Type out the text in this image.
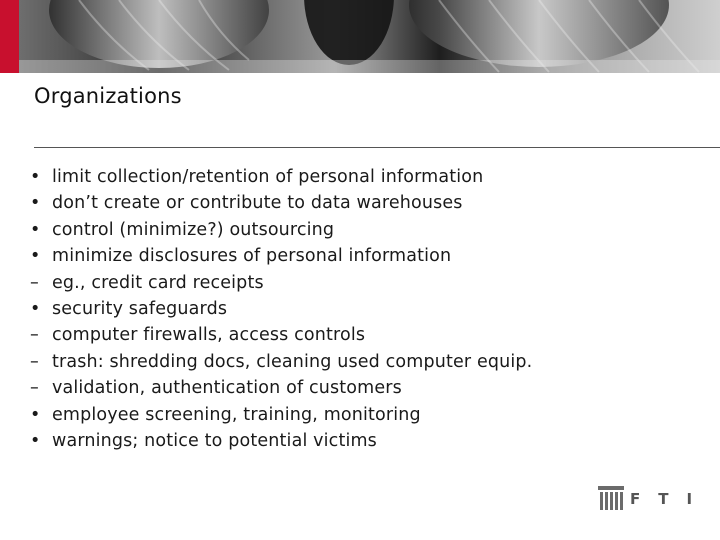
Organizations
• limit collection/retention of personal information
• don’t create or contribute to data warehouses
• control (minimize?) outsourcing
• minimize disclosures of personal information
– eg., credit card receipts
• security safeguards
– computer firewalls, access controls
– trash: shredding docs, cleaning used computer equip.
– validation, authentication of customers
• employee screening, training, monitoring
• warnings; notice to potential victims
FTI
